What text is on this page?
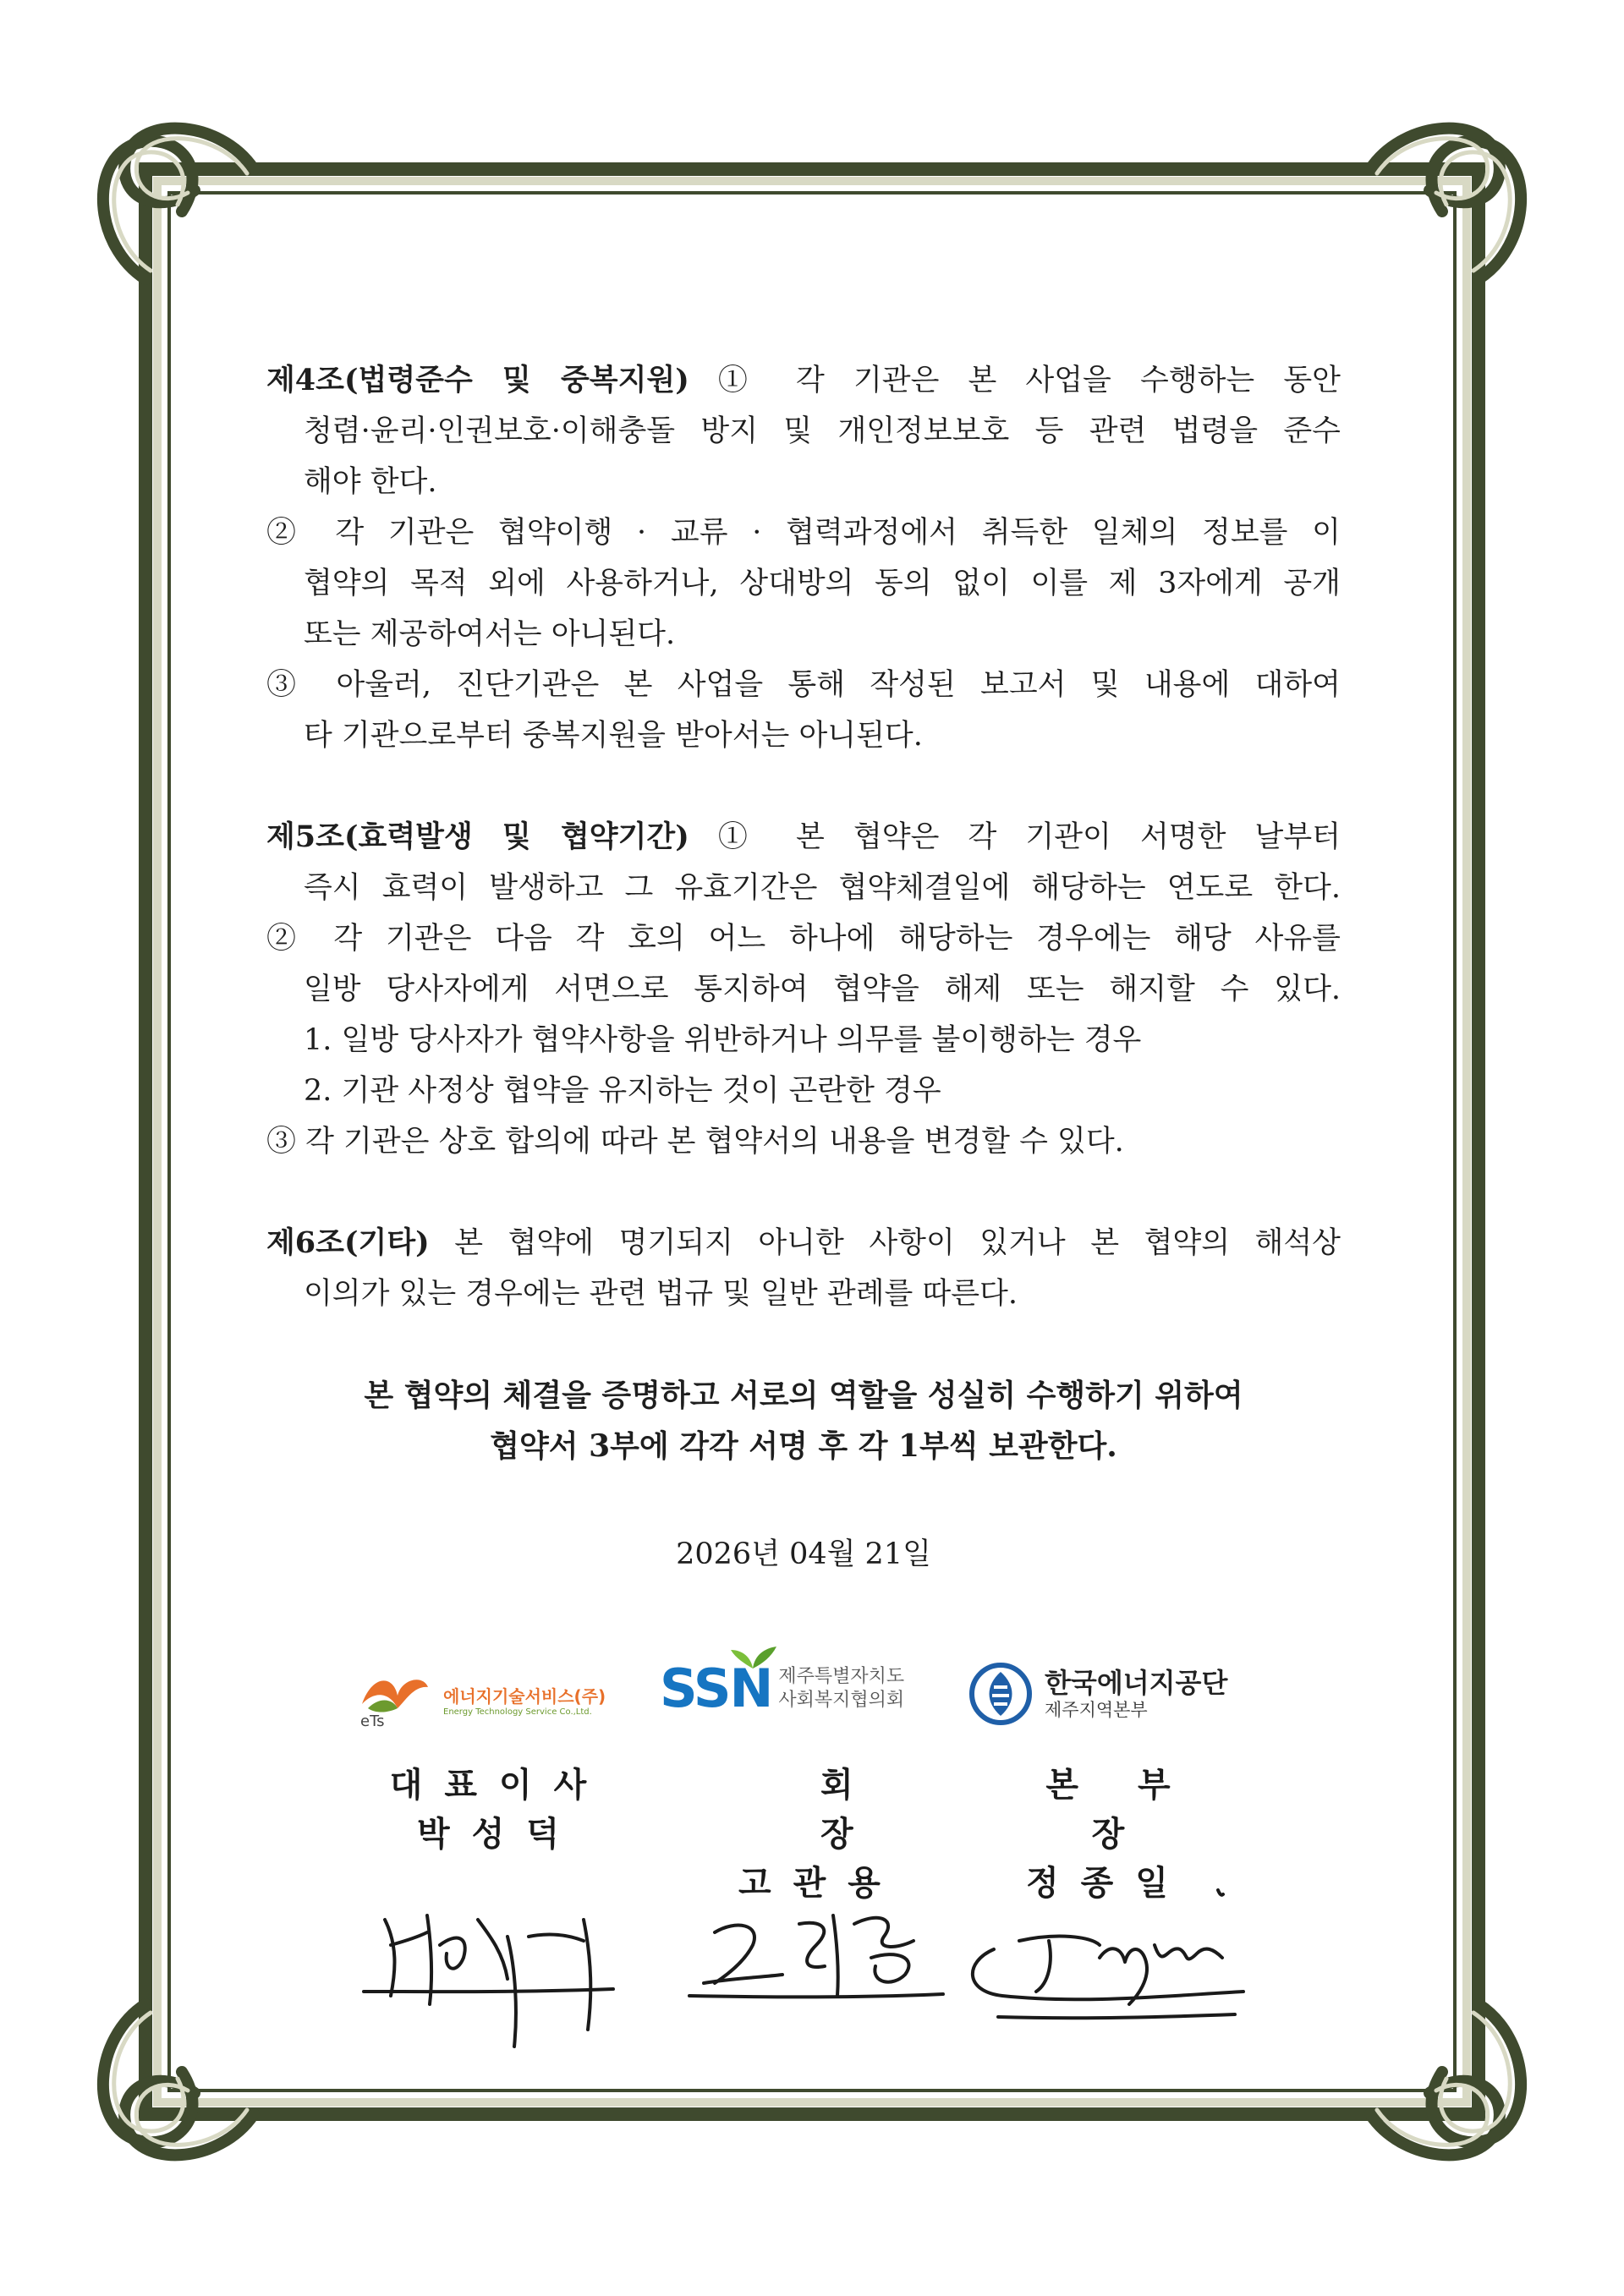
제4조(법령준수 및 중복지원) ① 각 기관은 본 사업을 수행하는 동안
청렴·윤리·인권보호·이해충돌 방지 및 개인정보보호 등 관련 법령을 준수
해야 한다.
② 각 기관은 협약이행 · 교류 · 협력과정에서 취득한 일체의 정보를 이
협약의 목적 외에 사용하거나, 상대방의 동의 없이 이를 제 3자에게 공개
또는 제공하여서는 아니된다.
③ 아울러, 진단기관은 본 사업을 통해 작성된 보고서 및 내용에 대하여
타 기관으로부터 중복지원을 받아서는 아니된다.
제5조(효력발생 및 협약기간) ① 본 협약은 각 기관이 서명한 날부터
즉시 효력이 발생하고 그 유효기간은 협약체결일에 해당하는 연도로 한다.
② 각 기관은 다음 각 호의 어느 하나에 해당하는 경우에는 해당 사유를
일방 당사자에게 서면으로 통지하여 협약을 해제 또는 해지할 수 있다.
1. 일방 당사자가 협약사항을 위반하거나 의무를 불이행하는 경우
2. 기관 사정상 협약을 유지하는 것이 곤란한 경우
③ 각 기관은 상호 합의에 따라 본 협약서의 내용을 변경할 수 있다.
제6조(기타) 본 협약에 명기되지 아니한 사항이 있거나 본 협약의 해석상
이의가 있는 경우에는 관련 법규 및 일반 관례를 따른다.
본 협약의 체결을 증명하고 서로의 역할을 성실히 수행하기 위하여
협약서 3부에 각각 서명 후 각 1부씩 보관한다.
2026년 04월 21일
eTs
에너지기술서비스(주)
Energy Technology Service Co.,Ltd. SSN 제주특별자치도
사회복지협의회
한국에너지공단
제주지역본부
대표이사
박성덕
회장
고관용
본부장
정종일
